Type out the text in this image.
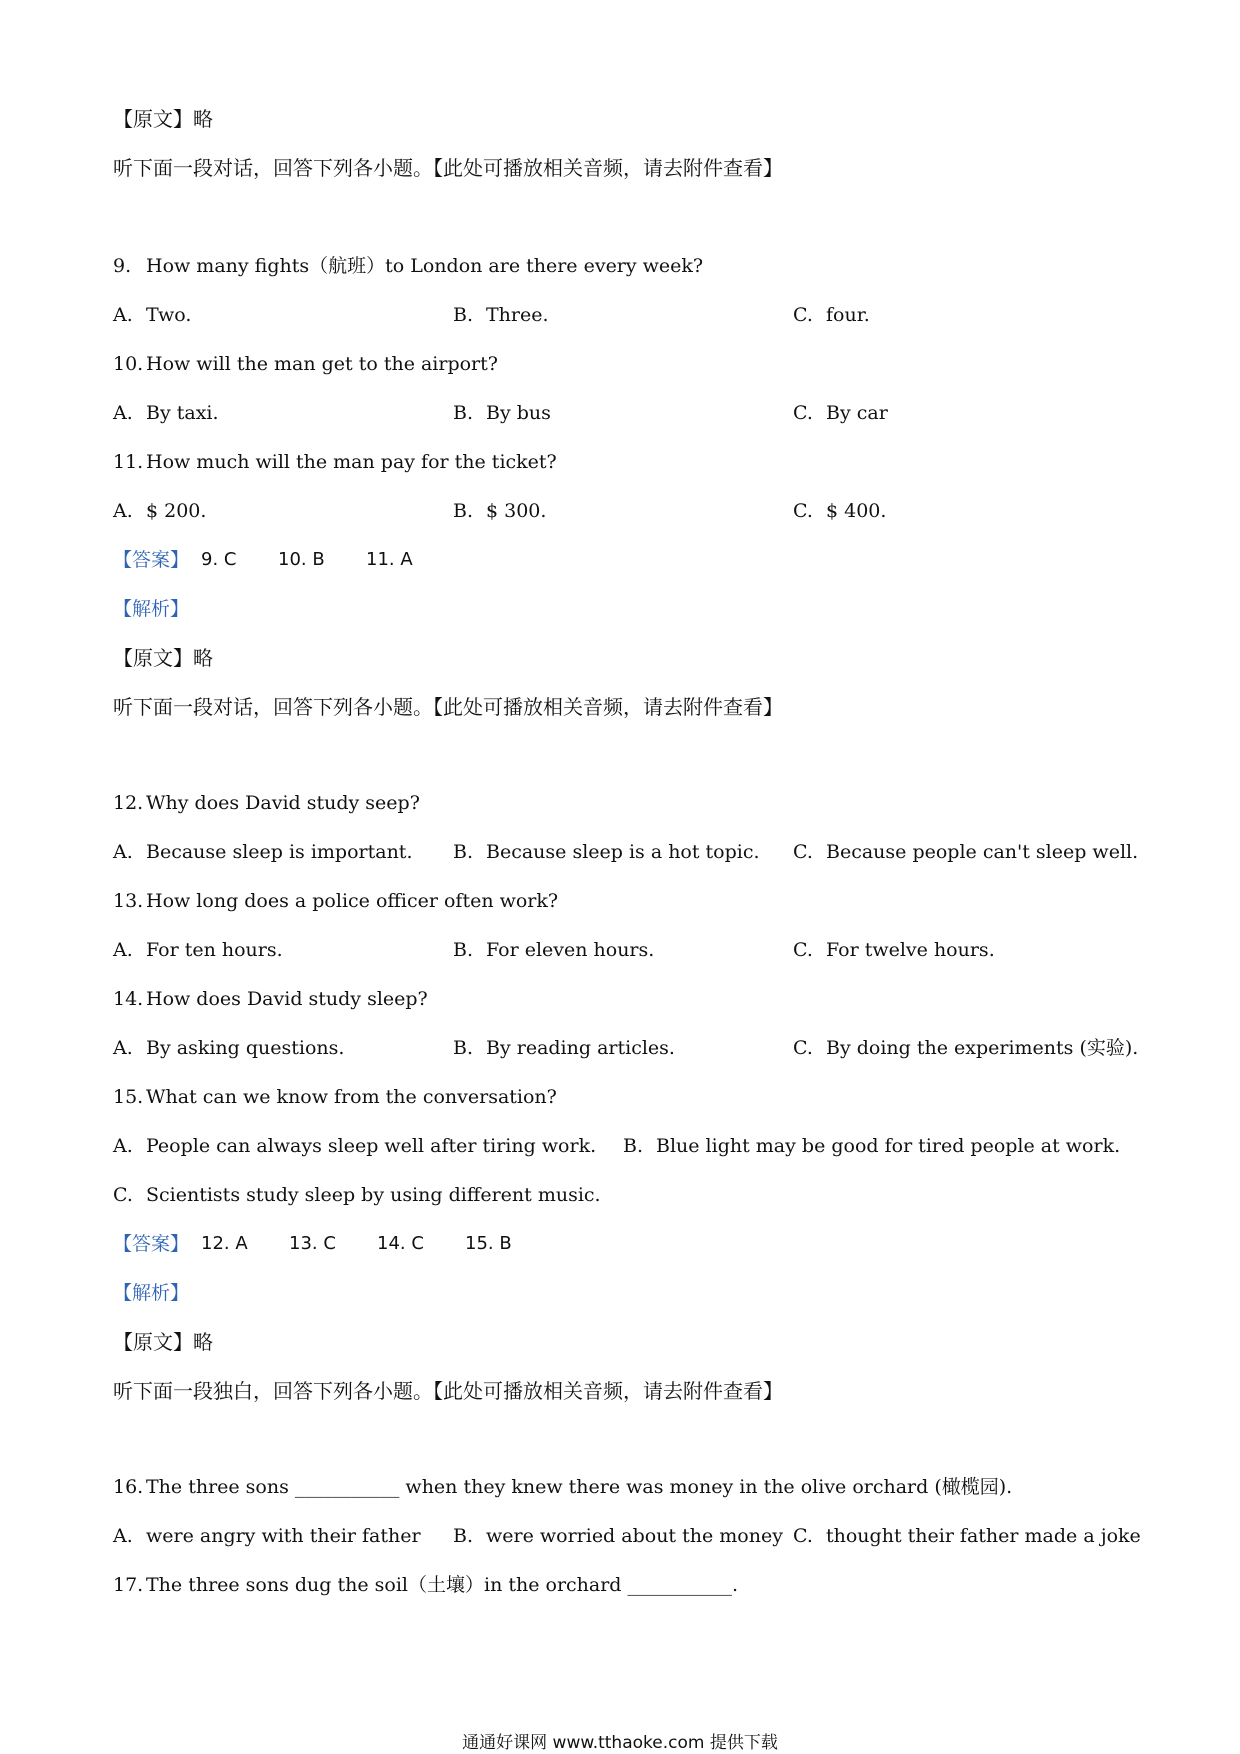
【原文】略
听下面一段对话，回答下列各小题。【此处可播放相关音频，请去附件查看】
9. How many fights（航班）to London are there every week?
A. Two.	B. Three.	C. four.
10. How will the man get to the airport?
A. By taxi.	B. By bus	C. By car
11. How much will the man pay for the ticket?
A. $ 200.	B. $ 300.	C. $ 400.
【答案】 9. C 10. B 11. A
【解析】
【原文】略
听下面一段对话，回答下列各小题。【此处可播放相关音频，请去附件查看】
12. Why does David study seep?
A. Because sleep is important. B. Because sleep is a hot topic. C. Because people can't sleep well.
13. How long does a police officer often work?
A. For ten hours.	B. For eleven hours.	C. For twelve hours.
14. How does David study sleep?
A. By asking questions.	B. By reading articles.	C. By doing the experiments (实验).
15. What can we know from the conversation?
A. People can always sleep well after tiring work. B. Blue light may be good for tired people at work.
C. Scientists study sleep by using different music.
【答案】 12. A 13. C 14. C 15. B
【解析】
【原文】略
听下面一段独白，回答下列各小题。【此处可播放相关音频，请去附件查看】
16. The three sons ___________ when they knew there was money in the olive orchard (橄榄园).
A. were angry with their father B. were worried about the money C. thought their father made a joke
17. The three sons dug the soil（土壤）in the orchard ___________.
通通好课网 www.tthaoke.com 提供下载
